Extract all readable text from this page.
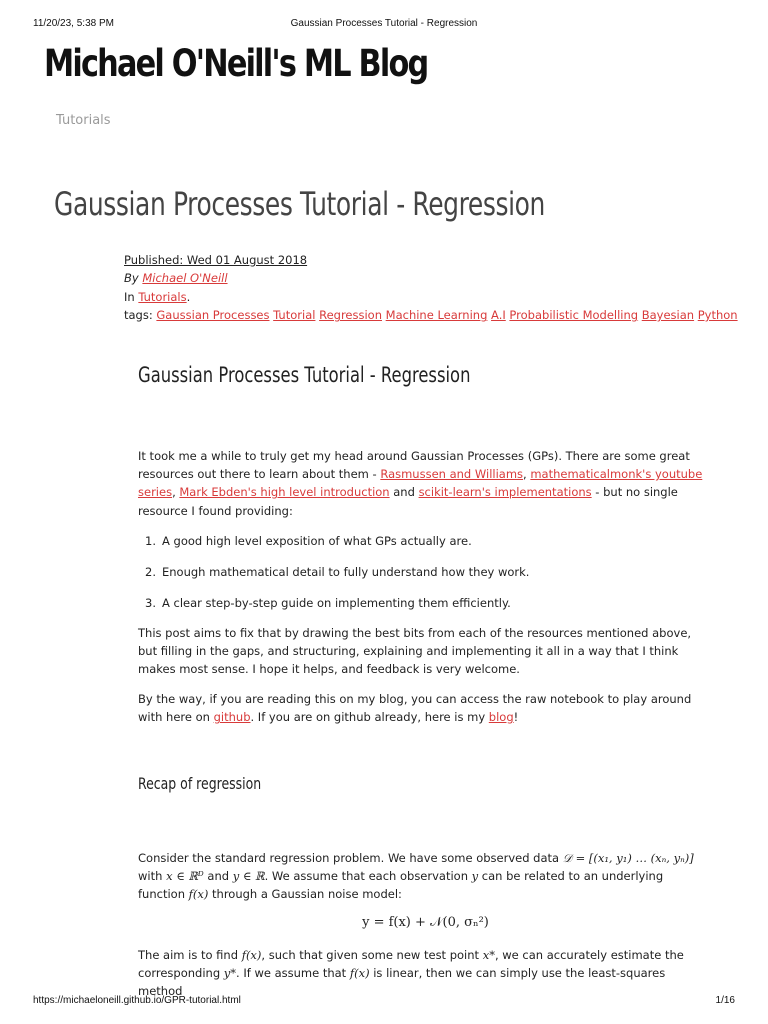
11/20/23, 5:38 PM	Gaussian Processes Tutorial - Regression
Michael O'Neill's ML Blog
Tutorials
Gaussian Processes Tutorial - Regression
Published: Wed 01 August 2018
By Michael O'Neill
In Tutorials.
tags: Gaussian Processes Tutorial Regression Machine Learning A.I Probabilistic Modelling Bayesian Python
Gaussian Processes Tutorial - Regression

It took me a while to truly get my head around Gaussian Processes (GPs). There are some great resources out there to learn about them - Rasmussen and Williams, mathematicalmonk's youtube series, Mark Ebden's high level introduction and scikit-learn's implementations - but no single resource I found providing:

1. A good high level exposition of what GPs actually are.
2. Enough mathematical detail to fully understand how they work.
3. A clear step-by-step guide on implementing them efficiently.

This post aims to fix that by drawing the best bits from each of the resources mentioned above, but filling in the gaps, and structuring, explaining and implementing it all in a way that I think makes most sense. I hope it helps, and feedback is very welcome.

By the way, if you are reading this on my blog, you can access the raw notebook to play around with here on github. If you are on github already, here is my blog!

Recap of regression

Consider the standard regression problem. We have some observed data 𝒟 = [(x₁, y₁) … (xₙ, yₙ)] with x ∈ ℝᴰ and y ∈ ℝ. We assume that each observation y can be related to an underlying function f(x) through a Gaussian noise model:

y = f(x) + 𝒩(0, σₙ²)

The aim is to find f(x), such that given some new test point x*, we can accurately estimate the corresponding y*. If we assume that f(x) is linear, then we can simply use the least-squares method

https://michaeloneill.github.io/GPR-tutorial.html	1/16
